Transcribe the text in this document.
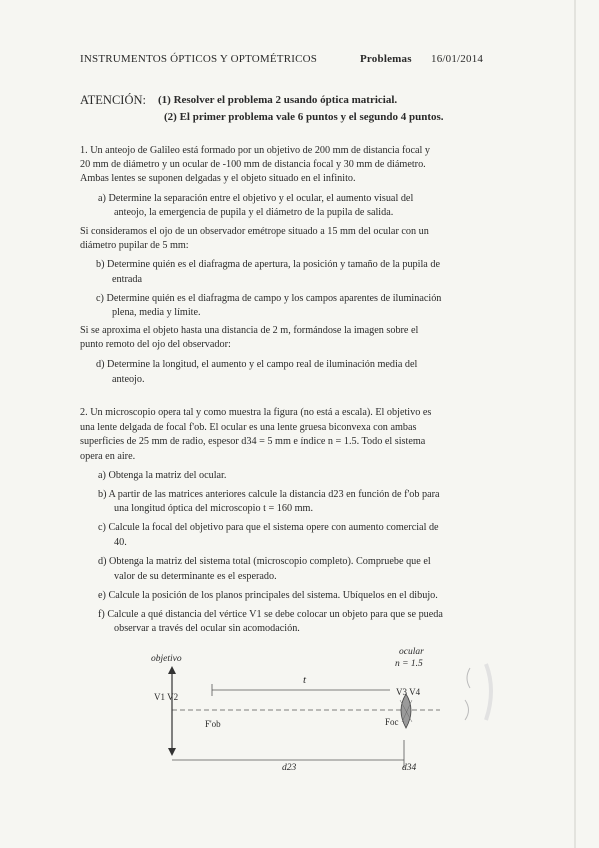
INSTRUMENTOS ÓPTICOS Y OPTOMÉTRICOS	Problemas 16/01/2014
ATENCIÓN: (1) Resolver el problema 2 usando óptica matricial.
(2) El primer problema vale 6 puntos y el segundo 4 puntos.
1. Un anteojo de Galileo está formado por un objetivo de 200 mm de distancia focal y
20 mm de diámetro y un ocular de -100 mm de distancia focal y 30 mm de diámetro.
Ambas lentes se suponen delgadas y el objeto situado en el infinito.
a) Determine la separación entre el objetivo y el ocular, el aumento visual del
anteojo, la emergencia de pupila y el diámetro de la pupila de salida.
Si consideramos el ojo de un observador emétrope situado a 15 mm del ocular con un
diámetro pupilar de 5 mm:
b) Determine quién es el diafragma de apertura, la posición y tamaño de la pupila de
entrada
c) Determine quién es el diafragma de campo y los campos aparentes de iluminación
plena, media y límite.
Si se aproxima el objeto hasta una distancia de 2 m, formándose la imagen sobre el
punto remoto del ojo del observador:
d) Determine la longitud, el aumento y el campo real de iluminación media del
anteojo.
2. Un microscopio opera tal y como muestra la figura (no está a escala). El objetivo es
una lente delgada de focal f'ob. El ocular es una lente gruesa biconvexa con ambas
superficies de 25 mm de radio, espesor d34 = 5 mm e índice n = 1.5. Todo el sistema
opera en aire.
a) Obtenga la matriz del ocular.
b) A partir de las matrices anteriores calcule la distancia d23 en función de f'ob para
una longitud óptica del microscopio t = 160 mm.
c) Calcule la focal del objetivo para que el sistema opere con aumento comercial de
40.
d) Obtenga la matriz del sistema total (microscopio completo). Compruebe que el
valor de su determinante es el esperado.
e) Calcule la posición de los planos principales del sistema. Ubíquelos en el dibujo.
f) Calcule a qué distancia del vértice V1 se debe colocar un objeto para que se pueda
observar a través del ocular sin acomodación.
objetivo
ocular
n = 1.5
V1 V2	V3 V4
t
F'ob	Foc
d23	d34
